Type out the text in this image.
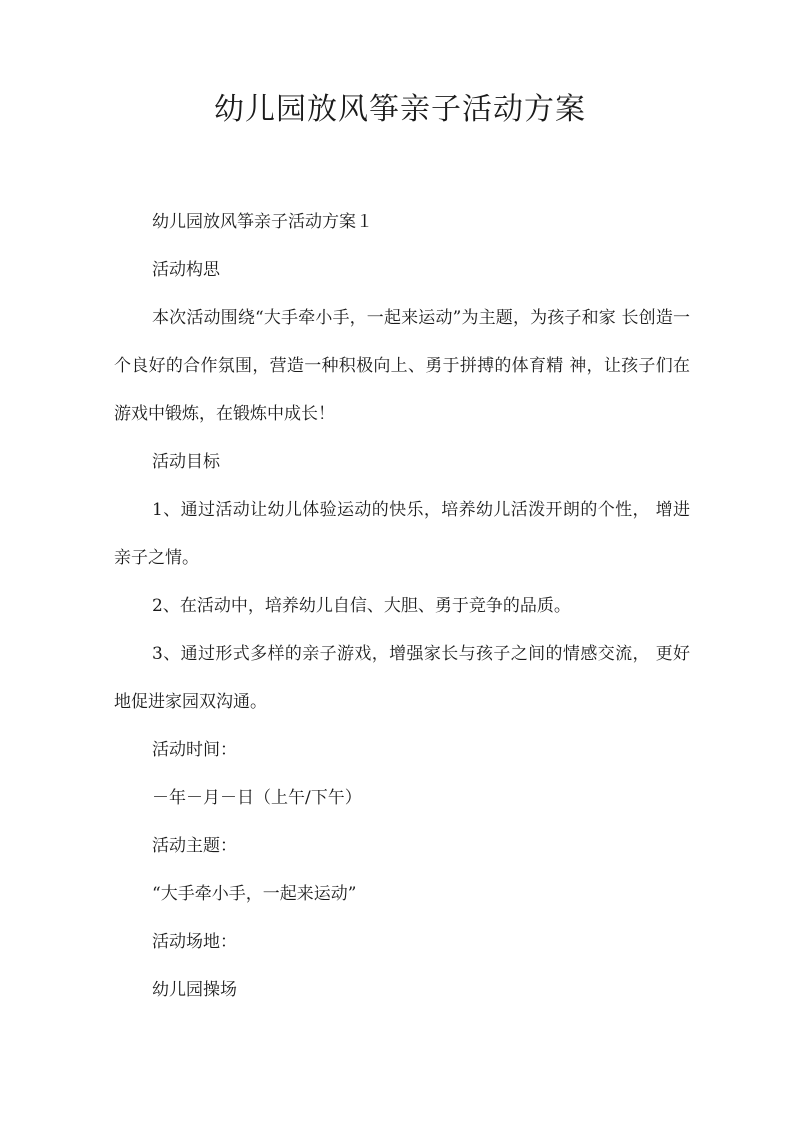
幼儿园放风筝亲子活动方案

幼儿园放风筝亲子活动方案１

活动构思

本次活动围绕“大手牵小手，一起来运动”为主题，为孩子和家 长创造一个良好的合作氛围，营造一种积极向上、勇于拼搏的体育精 神，让孩子们在游戏中锻炼，在锻炼中成长！

活动目标

1、通过活动让幼儿体验运动的快乐，培养幼儿活泼开朗的个性， 增进亲子之情。

2、在活动中，培养幼儿自信、大胆、勇于竞争的品质。

3、通过形式多样的亲子游戏，增强家长与孩子之间的情感交流， 更好地促进家园双沟通。

活动时间：

－年－月－日（上午/下午）

活动主题：

“大手牵小手，一起来运动”

活动场地：

幼儿园操场
